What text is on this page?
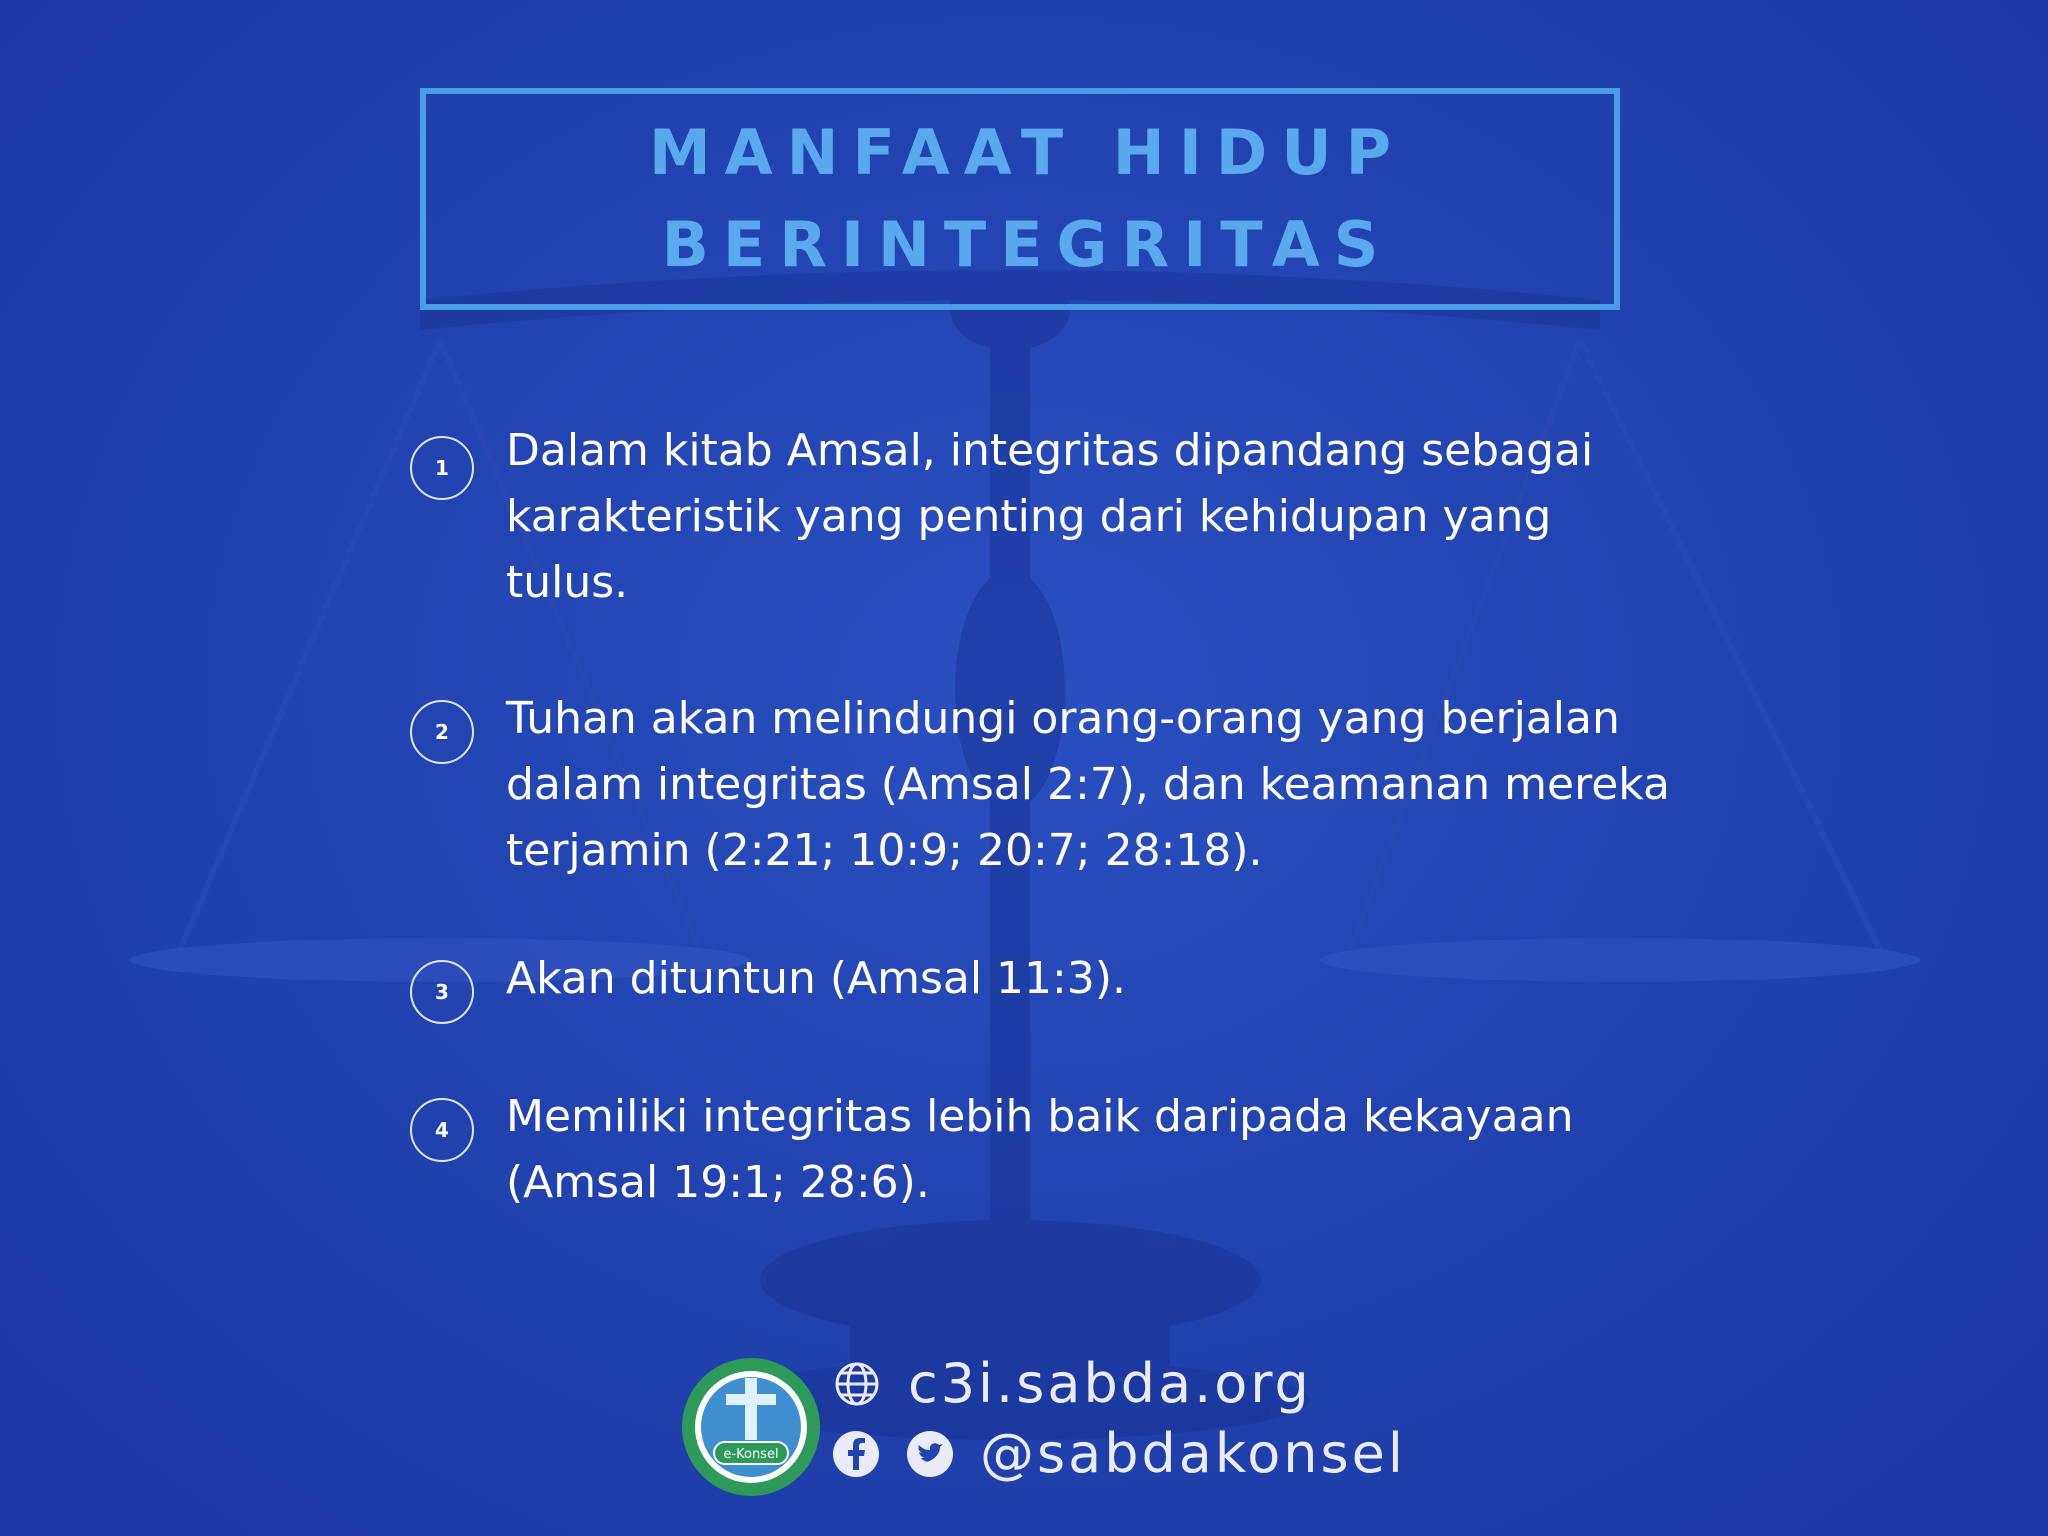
MANFAAT HIDUP
BERINTEGRITAS
1	Dalam kitab Amsal, integritas dipandang sebagai karakteristik yang penting dari kehidupan yang tulus.
2	Tuhan akan melindungi orang-orang yang berjalan dalam integritas (Amsal 2:7), dan keamanan mereka terjamin (2:21; 10:9; 20:7; 28:18).
3	Akan dituntun (Amsal 11:3).
4	Memiliki integritas lebih baik daripada kekayaan (Amsal 19:1; 28:6).
e-Konsel
c3i.sabda.org
@sabdakonsel
